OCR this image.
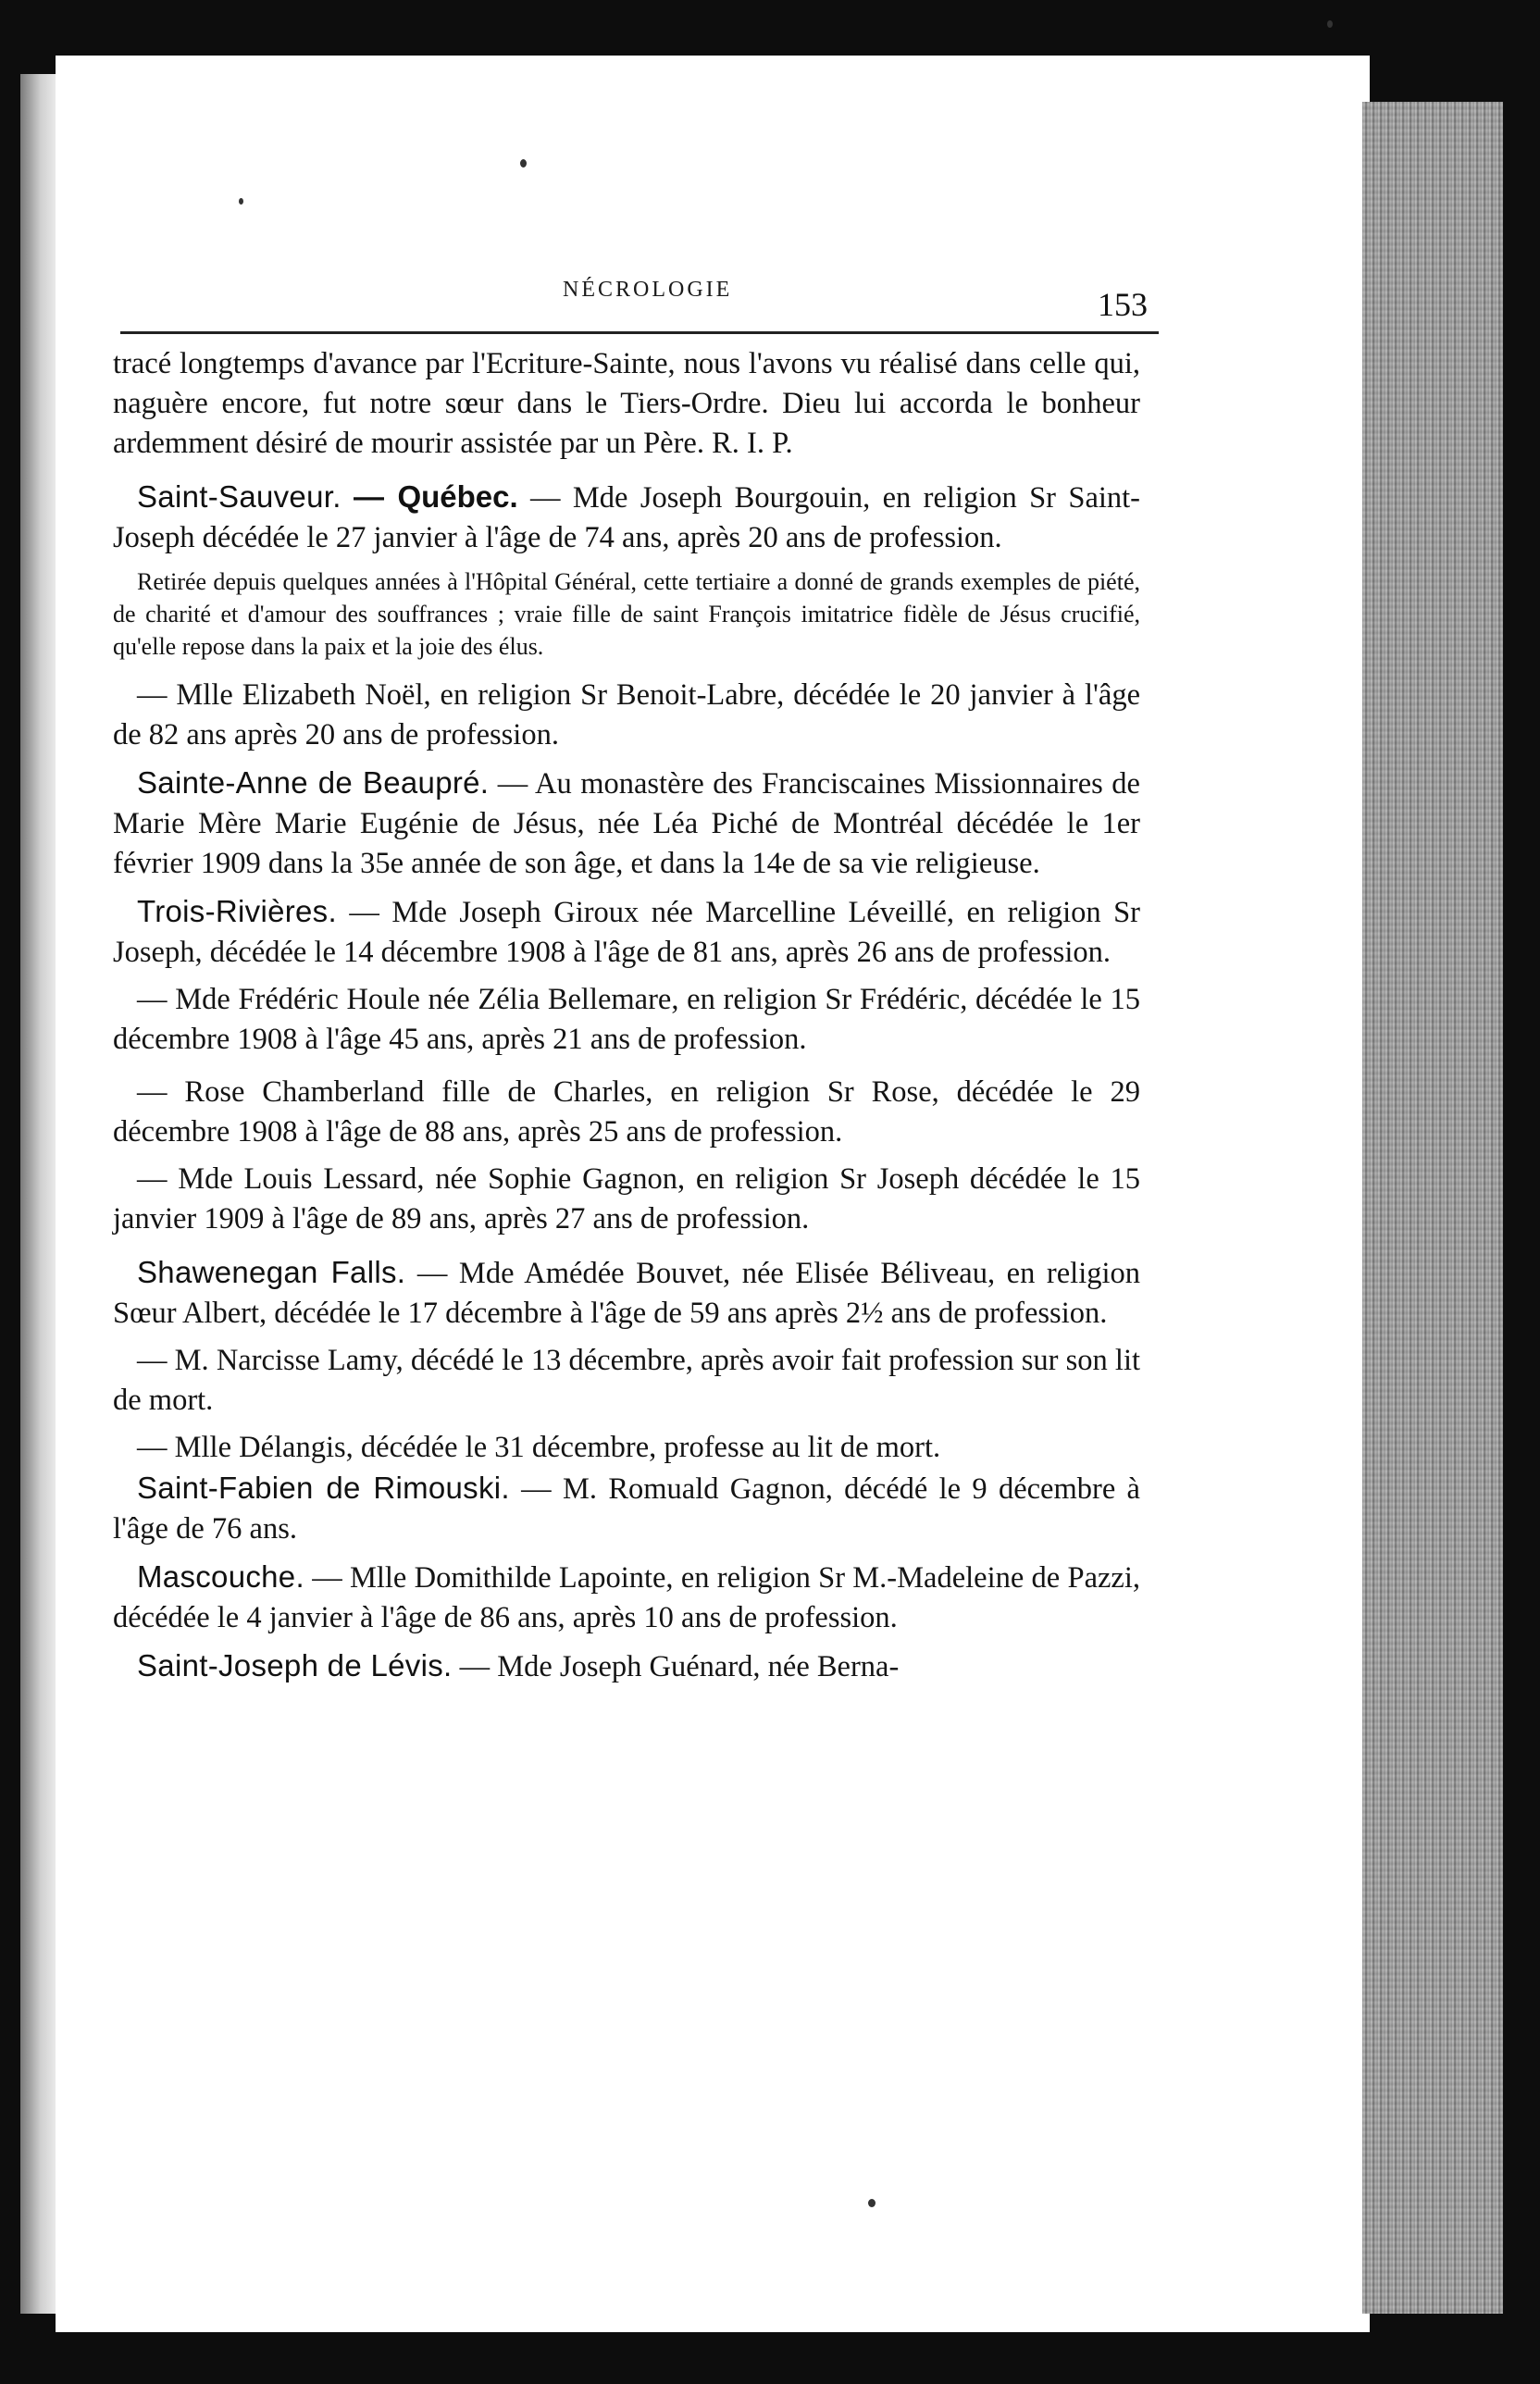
NÉCROLOGIE	153

tracé longtemps d'avance par l'Ecriture-Sainte, nous l'avons vu réalisé dans celle qui, naguère encore, fut notre sœur dans le Tiers-Ordre. Dieu lui accorda le bonheur ardemment désiré de mourir assistée par un Père. R. I. P.

Saint-Sauveur. — Québec. — Mde Joseph Bourgouin, en religion Sr Saint-Joseph décédée le 27 janvier à l'âge de 74 ans, après 20 ans de profession.

Retirée depuis quelques années à l'Hôpital Général, cette tertiaire a donné de grands exemples de piété, de charité et d'amour des souffrances ; vraie fille de saint François imitatrice fidèle de Jésus crucifié, qu'elle repose dans la paix et la joie des élus.

— Mlle Elizabeth Noël, en religion Sr Benoit-Labre, décédée le 20 janvier à l'âge de 82 ans après 20 ans de profession.

Sainte-Anne de Beaupré. — Au monastère des Franciscaines Missionnaires de Marie Mère Marie Eugénie de Jésus, née Léa Piché de Montréal décédée le 1er février 1909 dans la 35e année de son âge, et dans la 14e de sa vie religieuse.

Trois-Rivières. — Mde Joseph Giroux née Marcelline Léveillé, en religion Sr Joseph, décédée le 14 décembre 1908 à l'âge de 81 ans, après 26 ans de profession.

— Mde Frédéric Houle née Zélia Bellemare, en religion Sr Frédéric, décédée le 15 décembre 1908 à l'âge 45 ans, après 21 ans de profession.

— Rose Chamberland fille de Charles, en religion Sr Rose, décédée le 29 décembre 1908 à l'âge de 88 ans, après 25 ans de profession.

— Mde Louis Lessard, née Sophie Gagnon, en religion Sr Joseph décédée le 15 janvier 1909 à l'âge de 89 ans, après 27 ans de profession.

Shawenegan Falls. — Mde Amédée Bouvet, née Elisée Béliveau, en religion Sœur Albert, décédée le 17 décembre à l'âge de 59 ans après 2½ ans de profession.

— M. Narcisse Lamy, décédé le 13 décembre, après avoir fait profession sur son lit de mort.

— Mlle Délangis, décédée le 31 décembre, professe au lit de mort.

Saint-Fabien de Rimouski. — M. Romuald Gagnon, décédé le 9 décembre à l'âge de 76 ans.

Mascouche. — Mlle Domithilde Lapointe, en religion Sr M.-Madeleine de Pazzi, décédée le 4 janvier à l'âge de 86 ans, après 10 ans de profession.

Saint-Joseph de Lévis. — Mde Joseph Guénard, née Berna-
